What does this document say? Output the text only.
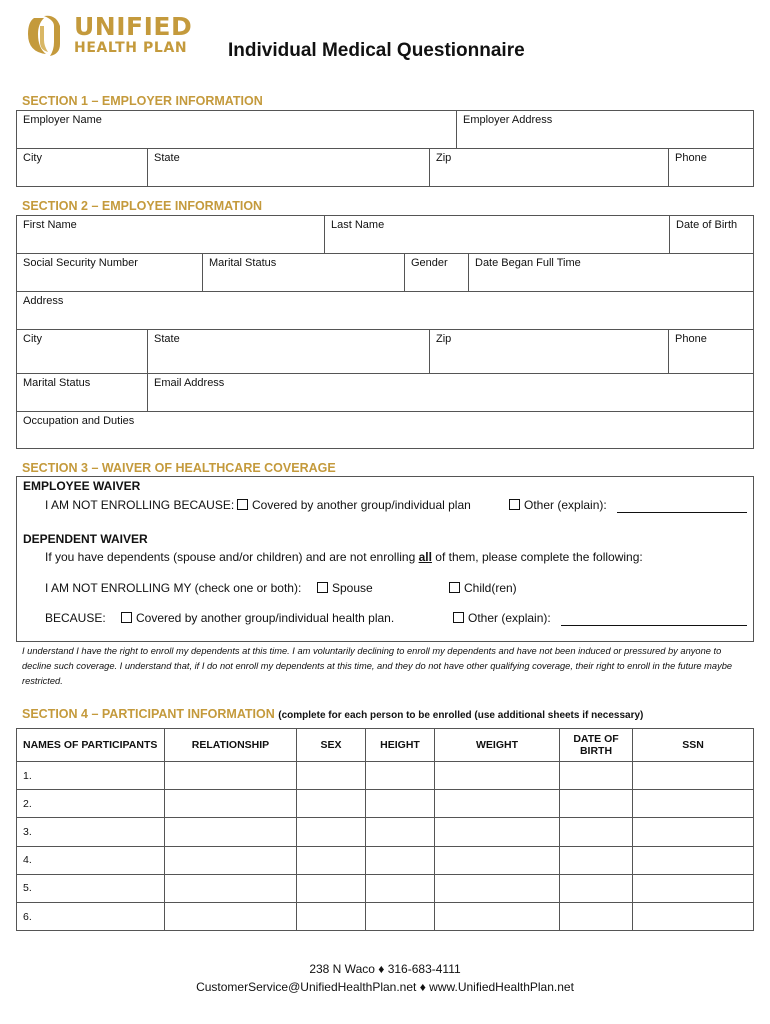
UNIFIED
HEALTH PLAN Individual Medical Questionnaire
SECTION 1 – EMPLOYER INFORMATION
Employer Name	Employer Address
City	State	Zip	Phone
SECTION 2 – EMPLOYEE INFORMATION
First Name	Last Name	Date of Birth
Social Security Number	Marital Status	Gender	Date Began Full Time
Address
City	State	Zip	Phone
Marital Status	Email Address
Occupation and Duties
SECTION 3 – WAIVER OF HEALTHCARE COVERAGE
EMPLOYEE WAIVER
I AM NOT ENROLLING BECAUSE:	Covered by another group/individual plan	Other (explain):
DEPENDENT WAIVER
If you have dependents (spouse and/or children) and are not enrolling all of them, please complete the following:
I AM NOT ENROLLING MY (check one or both):	Spouse	Child(ren)
BECAUSE:	Covered by another group/individual health plan.	Other (explain):
I understand I have the right to enroll my dependents at this time. I am voluntarily declining to enroll my dependents and have not been induced or pressured by anyone to decline such coverage. I understand that, if I do not enroll my dependents at this time, and they do not have other qualifying coverage, their right to enroll in the future maybe restricted.
SECTION 4 – PARTICIPANT INFORMATION (complete for each person to be enrolled (use additional sheets if necessary)
NAMES OF PARTICIPANTS	RELATIONSHIP	SEX	HEIGHT	WEIGHT	DATE OF BIRTH	SSN
1.						
2.						
3.						
4.						
5.						
6.						
238 N Waco ♦ 316-683-4111
CustomerService@UnifiedHealthPlan.net ♦ www.UnifiedHealthPlan.net
